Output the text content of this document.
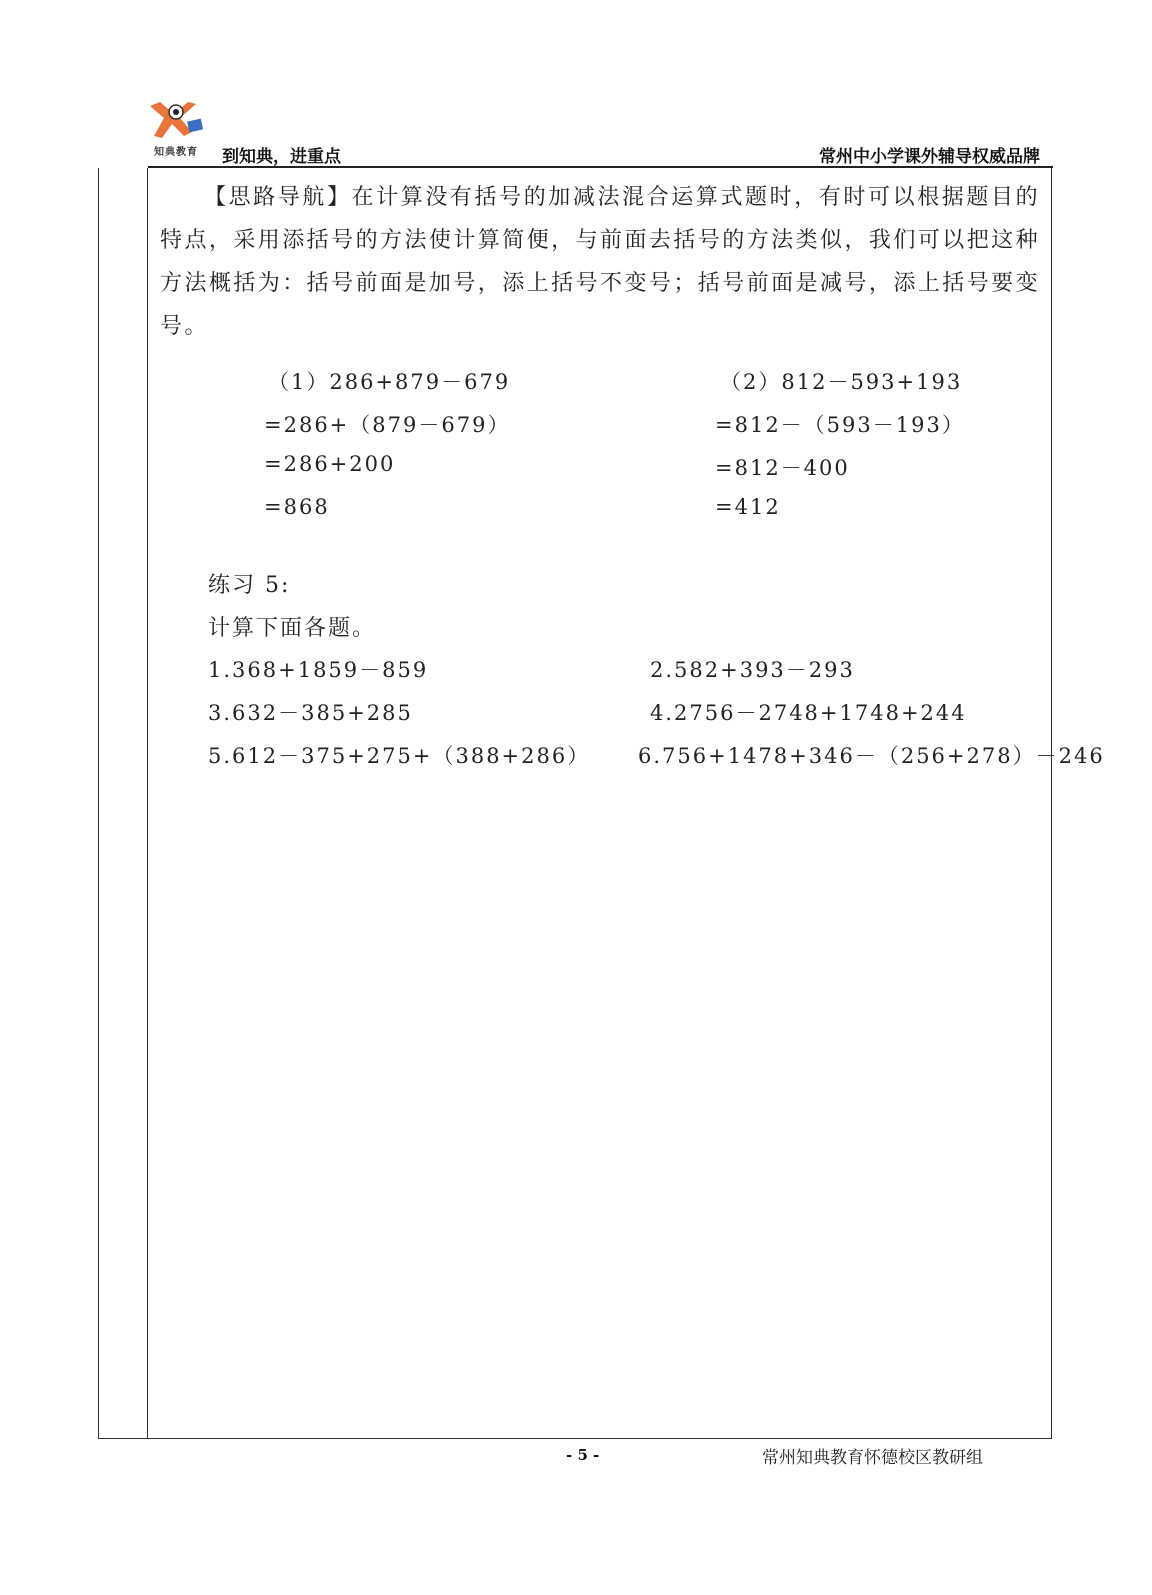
知典教育	到知典，进重点	常州中小学课外辅导权威品牌
【思路导航】在计算没有括号的加减法混合运算式题时，有时可以根据题目的特点，采用添括号的方法使计算简便，与前面去括号的方法类似，我们可以把这种方法概括为：括号前面是加号，添上括号不变号；括号前面是减号，添上括号要变号。
（1）286+879－679
=286+（879－679）
=286+200
=868
（2）812－593+193
=812－（593－193）
=812－400
=412
练习 5:
计算下面各题。
1.368+1859－859	2.582+393－293
3.632－385+285	4.2756－2748+1748+244
5.612－375+275+（388+286） 6.756+1478+346－（256+278）－246
- 5 -	常州知典教育怀德校区教研组
